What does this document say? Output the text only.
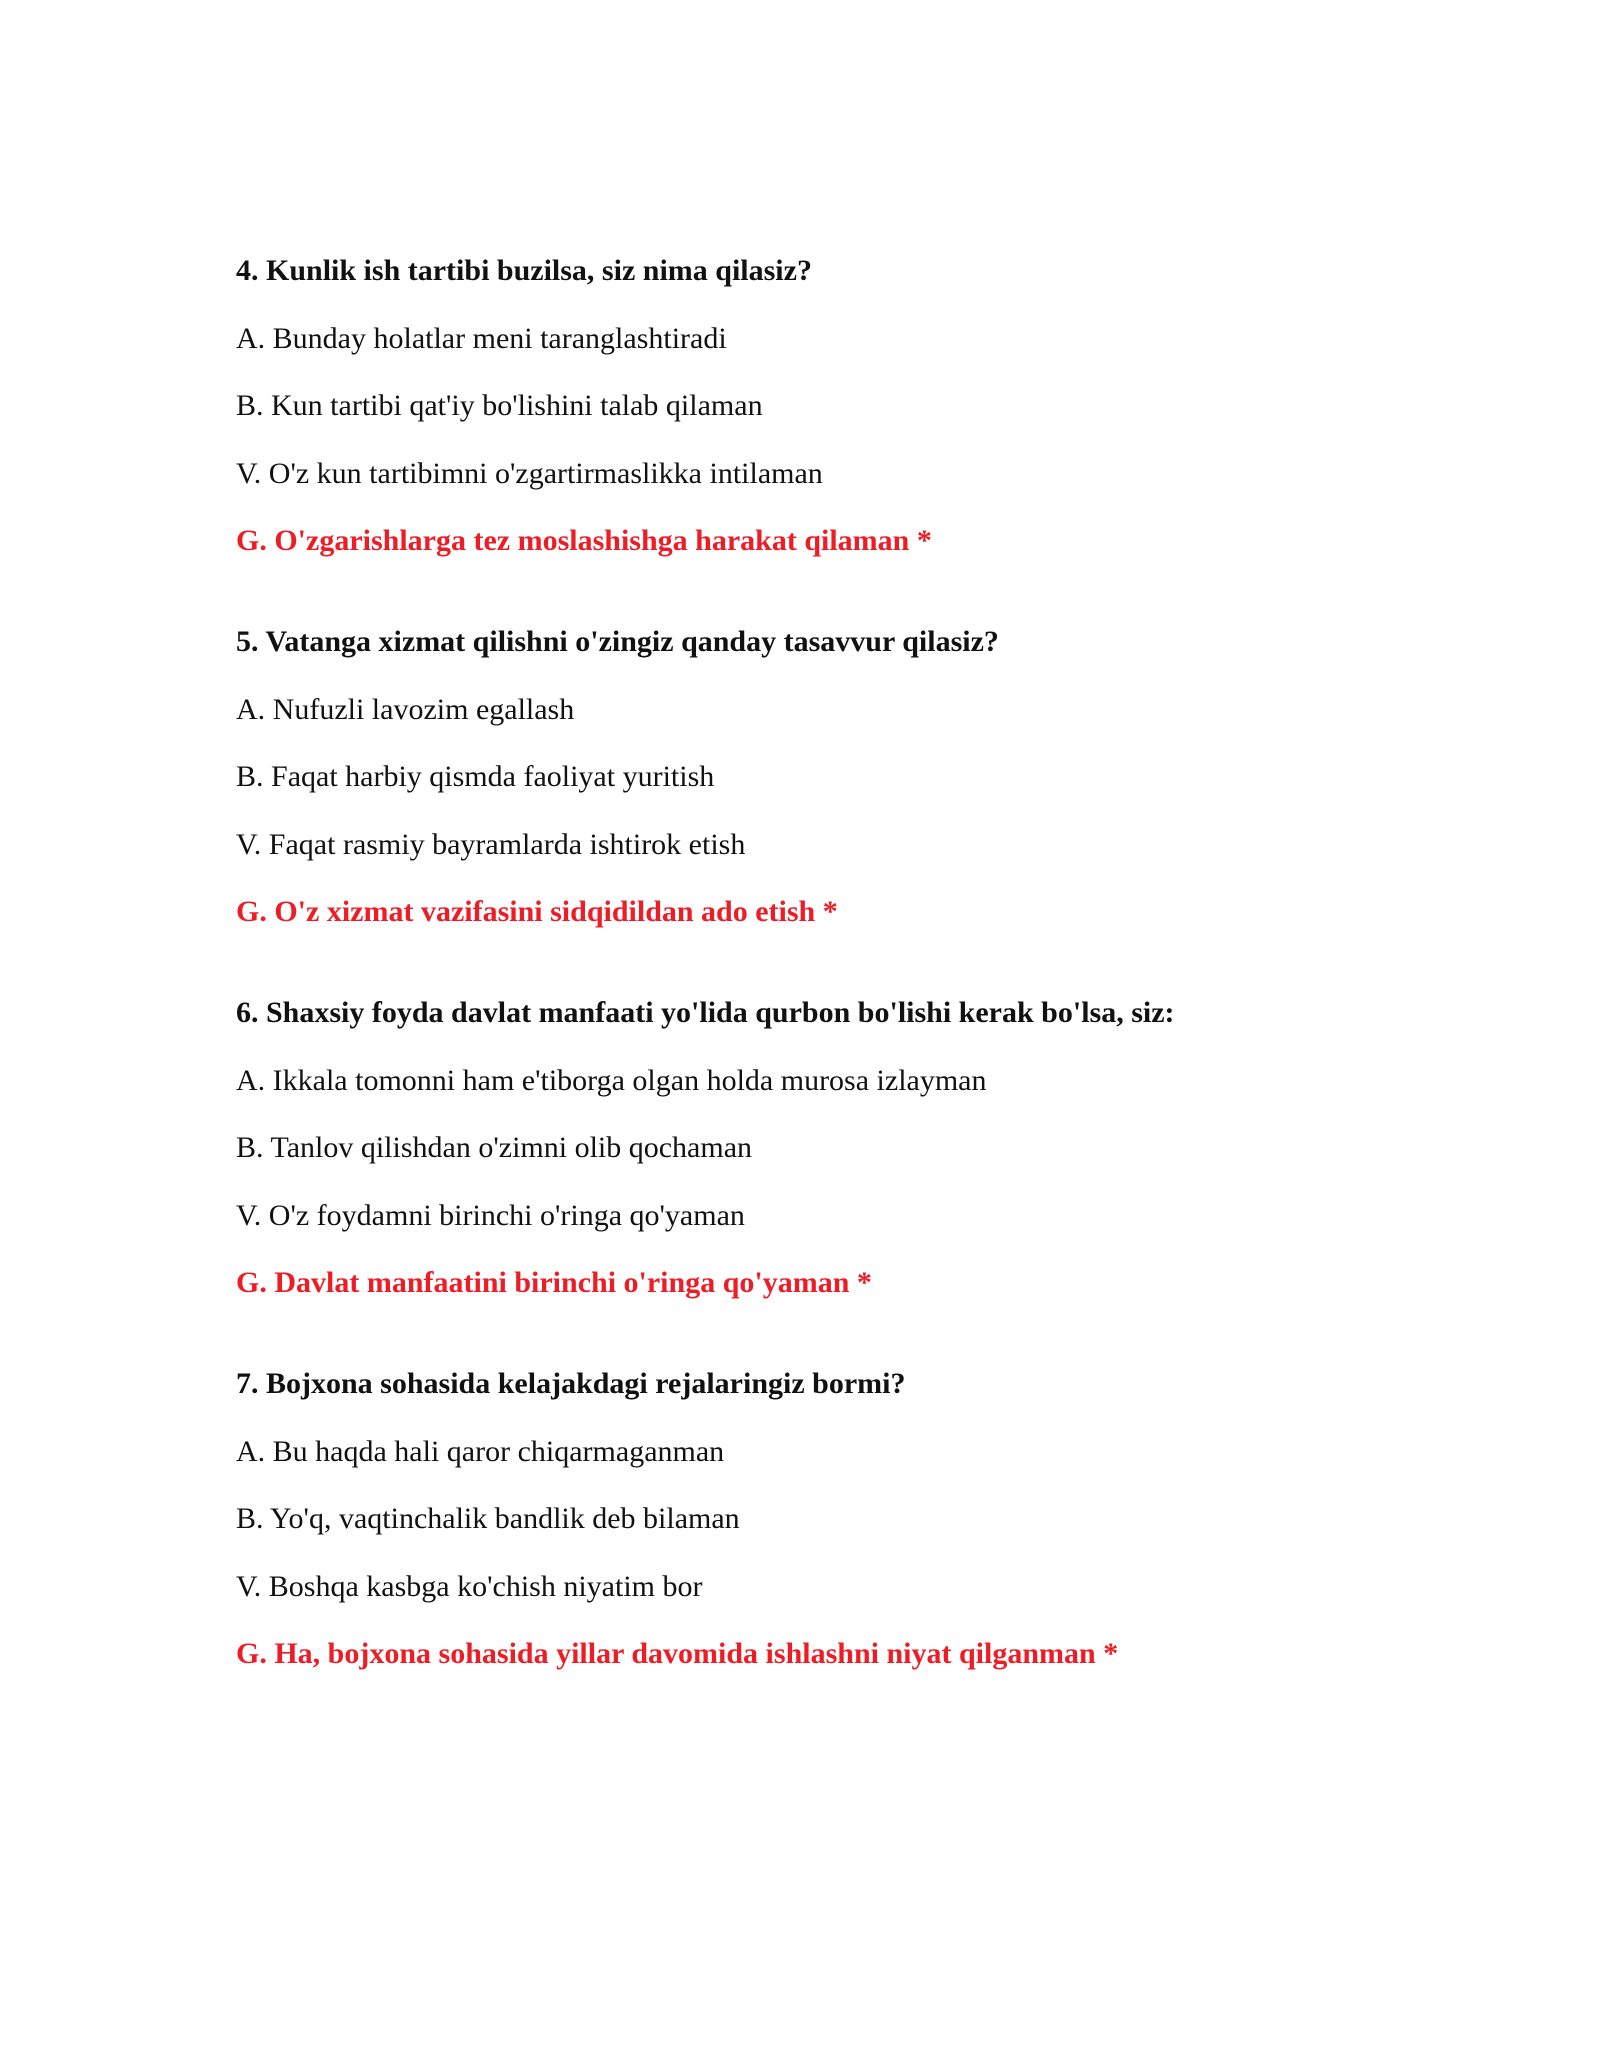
4. Kunlik ish tartibi buzilsa, siz nima qilasiz?
A. Bunday holatlar meni taranglashtiradi
B. Kun tartibi qat'iy bo'lishini talab qilaman
V. O'z kun tartibimni o'zgartirmaslikka intilaman
G. O'zgarishlarga tez moslashishga harakat qilaman *
5. Vatanga xizmat qilishni o'zingiz qanday tasavvur qilasiz?
A. Nufuzli lavozim egallash
B. Faqat harbiy qismda faoliyat yuritish
V. Faqat rasmiy bayramlarda ishtirok etish
G. O'z xizmat vazifasini sidqidildan ado etish *
6. Shaxsiy foyda davlat manfaati yo'lida qurbon bo'lishi kerak bo'lsa, siz:
A. Ikkala tomonni ham e'tiborga olgan holda murosa izlayman
B. Tanlov qilishdan o'zimni olib qochaman
V. O'z foydamni birinchi o'ringa qo'yaman
G. Davlat manfaatini birinchi o'ringa qo'yaman *
7. Bojxona sohasida kelajakdagi rejalaringiz bormi?
A. Bu haqda hali qaror chiqarmaganman
B. Yo'q, vaqtinchalik bandlik deb bilaman
V. Boshqa kasbga ko'chish niyatim bor
G. Ha, bojxona sohasida yillar davomida ishlashni niyat qilganman *
